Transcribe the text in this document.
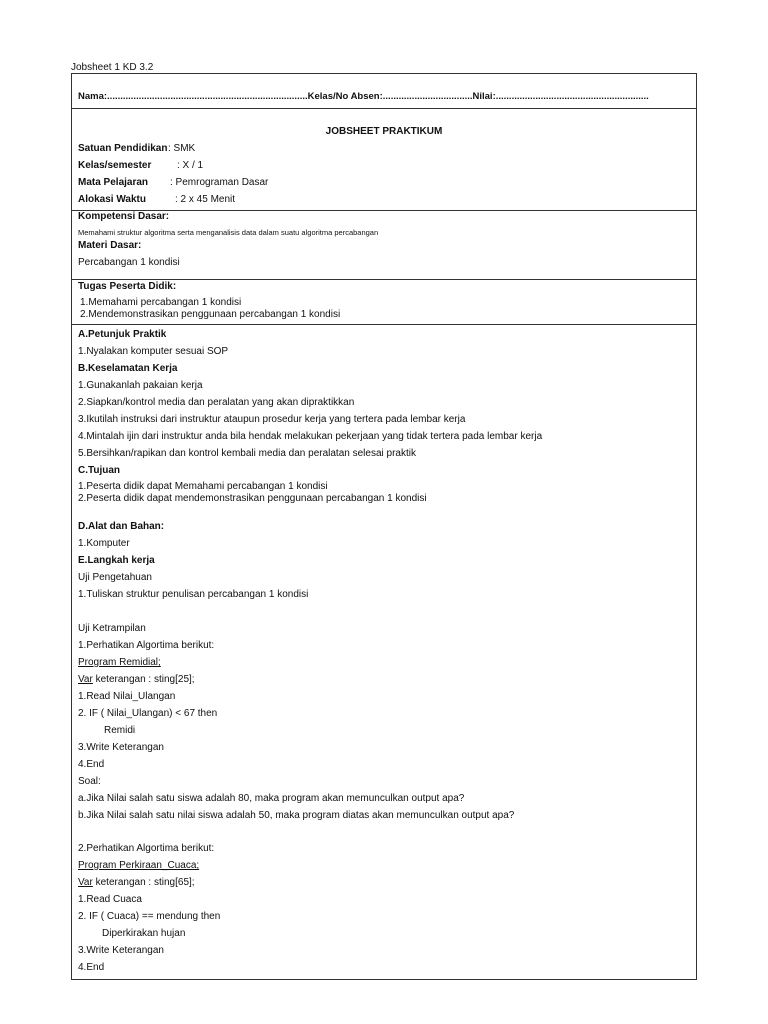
Jobsheet 1 KD 3.2
Nama:............................................................................Kelas/No Absen:..................................Nilai:..........................................................
JOBSHEET PRAKTIKUM
Satuan Pendidikan : SMK
Kelas/semester	: X / 1
Mata Pelajaran : Pemrograman Dasar
Alokasi Waktu	: 2 x 45 Menit
Kompetensi Dasar:
Memahami struktur algoritma serta menganalisis data dalam suatu algoritma percabangan
Materi Dasar:
Percabangan 1 kondisi
Tugas Peserta Didik:
1.Memahami percabangan 1 kondisi
2.Mendemonstrasikan penggunaan percabangan 1 kondisi
A.Petunjuk Praktik
1.Nyalakan komputer sesuai SOP
B.Keselamatan Kerja
1.Gunakanlah pakaian kerja
2.Siapkan/kontrol media dan peralatan yang akan dipraktikkan
3.Ikutilah instruksi dari instruktur ataupun prosedur kerja yang tertera pada lembar kerja
4.Mintalah ijin dari instruktur anda bila hendak melakukan pekerjaan yang tidak tertera pada lembar kerja
5.Bersihkan/rapikan dan kontrol kembali media dan peralatan selesai praktik
C.Tujuan
1.Peserta didik dapat Memahami percabangan 1 kondisi
2.Peserta didik dapat mendemonstrasikan penggunaan percabangan 1 kondisi
D.Alat dan Bahan:
1.Komputer
E.Langkah kerja
Uji Pengetahuan
1.Tuliskan struktur penulisan percabangan 1 kondisi
Uji Ketrampilan
1.Perhatikan Algortima berikut:
Program Remidial;
Var keterangan : sting[25];
1.Read Nilai_Ulangan
2. IF ( Nilai_Ulangan) < 67 then
Remidi
3.Write Keterangan
4.End
Soal:
a.Jika Nilai salah satu siswa adalah 80, maka program akan memunculkan output apa?
b.Jika Nilai salah satu nilai siswa adalah 50, maka program diatas akan memunculkan output apa?
2.Perhatikan Algortima berikut:
Program Perkiraan_Cuaca;
Var keterangan : sting[65];
1.Read Cuaca
2. IF ( Cuaca) == mendung then
Diperkirakan hujan
3.Write Keterangan
4.End
